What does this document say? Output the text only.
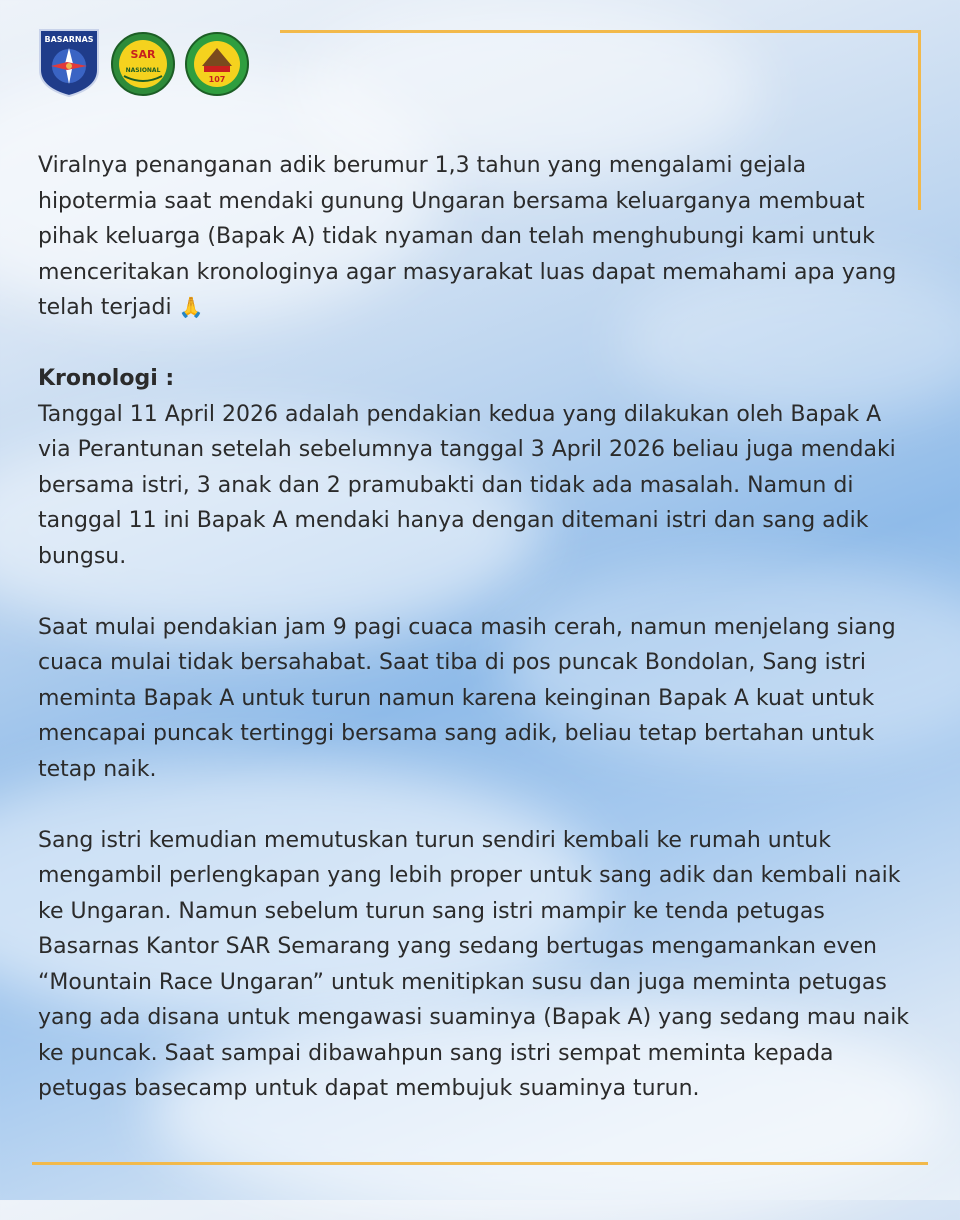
BASARNAS
SAR
NASIONAL
107

Viralnya penanganan adik berumur 1,3 tahun yang mengalami gejala hipotermia saat mendaki gunung Ungaran bersama keluarganya membuat pihak keluarga (Bapak A) tidak nyaman dan telah menghubungi kami untuk menceritakan kronologinya agar masyarakat luas dapat memahami apa yang telah terjadi 🙏

Kronologi :

Tanggal 11 April 2026 adalah pendakian kedua yang dilakukan oleh Bapak A via Perantunan setelah sebelumnya tanggal 3 April 2026 beliau juga mendaki bersama istri, 3 anak dan 2 pramubakti dan tidak ada masalah. Namun di tanggal 11 ini Bapak A mendaki hanya dengan ditemani istri dan sang adik bungsu.

Saat mulai pendakian jam 9 pagi cuaca masih cerah, namun menjelang siang cuaca mulai tidak bersahabat. Saat tiba di pos puncak Bondolan, Sang istri meminta Bapak A untuk turun namun karena keinginan Bapak A kuat untuk mencapai puncak tertinggi bersama sang adik, beliau tetap bertahan untuk tetap naik.

Sang istri kemudian memutuskan turun sendiri kembali ke rumah untuk mengambil perlengkapan yang lebih proper untuk sang adik dan kembali naik ke Ungaran. Namun sebelum turun sang istri mampir ke tenda petugas Basarnas Kantor SAR Semarang yang sedang bertugas mengamankan even “Mountain Race Ungaran” untuk menitipkan susu dan juga meminta petugas yang ada disana untuk mengawasi suaminya (Bapak A) yang sedang mau naik ke puncak. Saat sampai dibawahpun sang istri sempat meminta kepada petugas basecamp untuk dapat membujuk suaminya turun.
